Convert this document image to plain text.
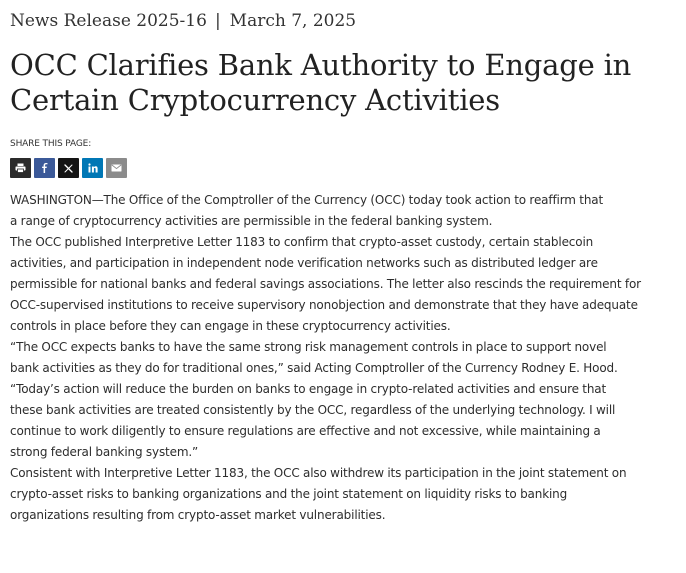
News Release 2025-16 | March 7, 2025
OCC Clarifies Bank Authority to Engage in Certain Cryptocurrency Activities
SHARE THIS PAGE:

WASHINGTON—The Office of the Comptroller of the Currency (OCC) today took action to reaffirm that a range of cryptocurrency activities are permissible in the federal banking system.

The OCC published Interpretive Letter 1183 to confirm that crypto-asset custody, certain stablecoin activities, and participation in independent node verification networks such as distributed ledger are permissible for national banks and federal savings associations. The letter also rescinds the requirement for OCC-supervised institutions to receive supervisory nonobjection and demonstrate that they have adequate controls in place before they can engage in these cryptocurrency activities.

“The OCC expects banks to have the same strong risk management controls in place to support novel bank activities as they do for traditional ones,” said Acting Comptroller of the Currency Rodney E. Hood. “Today’s action will reduce the burden on banks to engage in crypto-related activities and ensure that these bank activities are treated consistently by the OCC, regardless of the underlying technology. I will continue to work diligently to ensure regulations are effective and not excessive, while maintaining a strong federal banking system.”

Consistent with Interpretive Letter 1183, the OCC also withdrew its participation in the joint statement on crypto-asset risks to banking organizations and the joint statement on liquidity risks to banking organizations resulting from crypto-asset market vulnerabilities.
